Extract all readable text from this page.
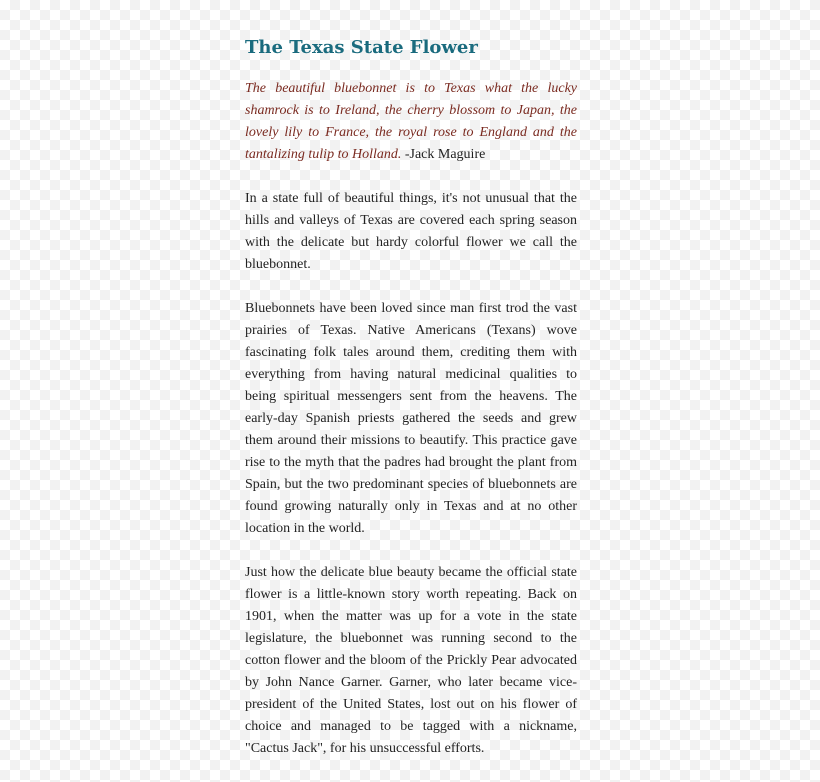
The Texas State Flower

The beautiful bluebonnet is to Texas what the lucky shamrock is to Ireland, the cherry blossom to Japan, the lovely lily to France, the royal rose to England and the tantalizing tulip to Holland. -Jack Maguire

In a state full of beautiful things, it's not unusual that the hills and valleys of Texas are covered each spring season with the delicate but hardy colorful flower we call the bluebonnet.

Bluebonnets have been loved since man first trod the vast prairies of Texas. Native Americans (Texans) wove fascinating folk tales around them, crediting them with everything from having natural medicinal qualities to being spiritual messengers sent from the heavens. The early-day Spanish priests gathered the seeds and grew them around their missions to beautify. This practice gave rise to the myth that the padres had brought the plant from Spain, but the two predominant species of bluebonnets are found growing naturally only in Texas and at no other location in the world.

Just how the delicate blue beauty became the official state flower is a little-known story worth repeating. Back on 1901, when the matter was up for a vote in the state legislature, the bluebonnet was running second to the cotton flower and the bloom of the Prickly Pear advocated by John Nance Garner. Garner, who later became vice-president of the United States, lost out on his flower of choice and managed to be tagged with a nickname, "Cactus Jack", for his unsuccessful efforts.
